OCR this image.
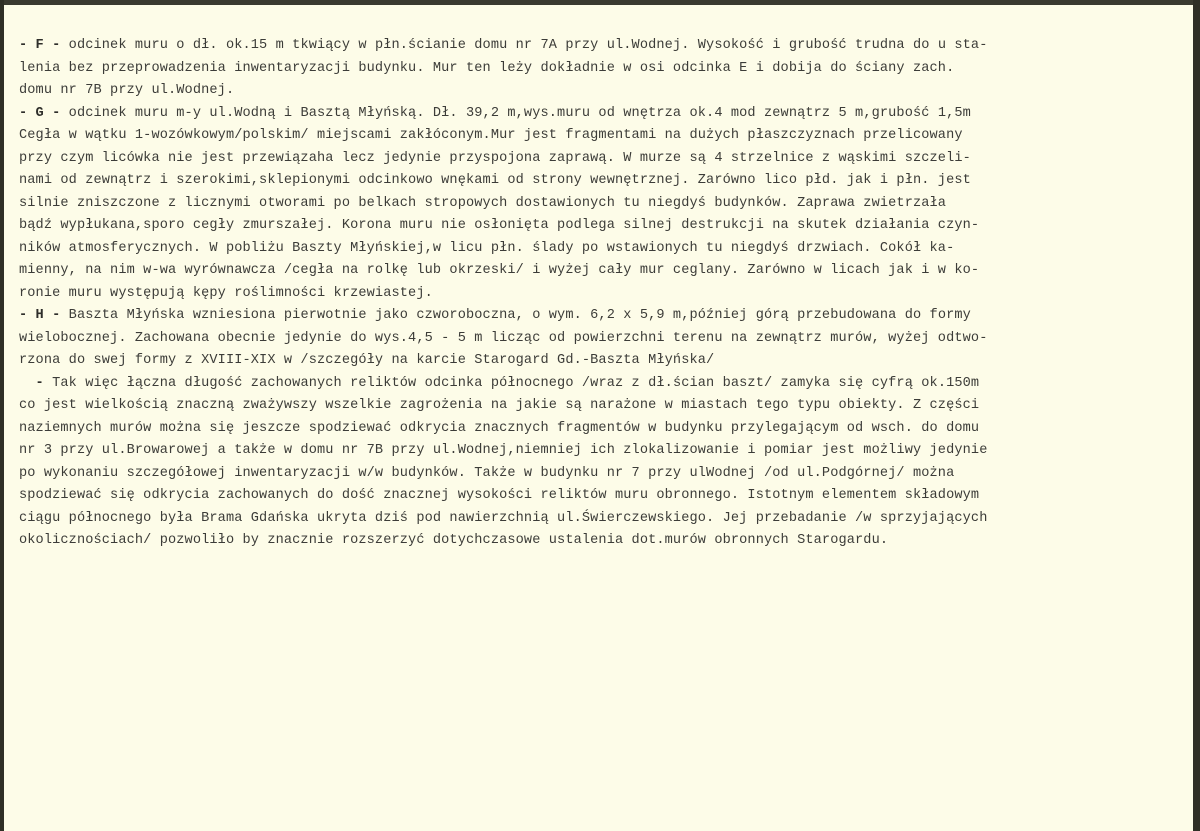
- F - odcinek muru o dł. ok.15 m tkwiący w płn.ścianie domu nr 7A przy ul.Wodnej. Wysokość i grubość trudna do u sta-
lenia bez przeprowadzenia inwentaryzacji budynku. Mur ten leży dokładnie w osi odcinka E i dobija do ściany zach.
domu nr 7B przy ul.Wodnej.
- G - odcinek muru m-y ul.Wodną i Basztą Młyńską. Dł. 39,2 m,wys.muru od wnętrza ok.4 mod zewnątrz 5 m,grubość 1,5m
Cegła w wątku 1-wozówkowym/polskim/ miejscami zakłóconym.Mur jest fragmentami na dużych płaszczyznach przelicowany
przy czym licówka nie jest przewiązaha lecz jedynie przyspojona zaprawą. W murze są 4 strzelnice z wąskimi szczeli-
nami od zewnątrz i szerokimi,sklepionymi odcinkowo wnękami od strony wewnętrznej. Zarówno lico płd. jak i płn. jest
silnie zniszczone z licznymi otworami po belkach stropowych dostawionych tu niegdyś budynków. Zaprawa zwietrzała
bądź wypłukana,sporo cegły zmurszałej. Korona muru nie osłonięta podlega silnej destrukcji na skutek działania czyn-
ników atmosferycznych. W pobliżu Baszty Młyńskiej,w licu płn. ślady po wstawionych tu niegdyś drzwiach. Cokół ka-
mienny, na nim w-wa wyrównawcza /cegła na rolkę lub okrzeski/ i wyżej cały mur ceglany. Zarówno w licach jak i w ko-
ronie muru występują kępy roślimności krzewiastej.
- H - Baszta Młyńska wzniesiona pierwotnie jako czworoboczna, o wym. 6,2 x 5,9 m,później górą przebudowana do formy
wielobocznej. Zachowana obecnie jedynie do wys.4,5 - 5 m licząc od powierzchni terenu na zewnątrz murów, wyżej odtwo-
rzona do swej formy z XVIII-XIX w /szczegóły na karcie Starogard Gd.-Baszta Młyńska/
- Tak więc łączna długość zachowanych reliktów odcinka północnego /wraz z dł.ścian baszt/ zamyka się cyfrą ok.150m
co jest wielkością znaczną zważywszy wszelkie zagrożenia na jakie są narażone w miastach tego typu obiekty. Z części
naziemnych murów można się jeszcze spodziewać odkrycia znacznych fragmentów w budynku przylegającym od wsch. do domu
nr 3 przy ul.Browarowej a także w domu nr 7B przy ul.Wodnej,niemniej ich zlokalizowanie i pomiar jest możliwy jedynie
po wykonaniu szczegółowej inwentaryzacji w/w budynków. Także w budynku nr 7 przy ulWodnej /od ul.Podgórnej/ można
spodziewać się odkrycia zachowanych do dość znacznej wysokości reliktów muru obronnego. Istotnym elementem składowym
ciągu północnego była Brama Gdańska ukryta dziś pod nawierzchnią ul.Świerczewskiego. Jej przebadanie /w sprzyjających
okolicznościach/ pozwoliło by znacznie rozszerzyć dotychczasowe ustalenia dot.murów obronnych Starogardu.
